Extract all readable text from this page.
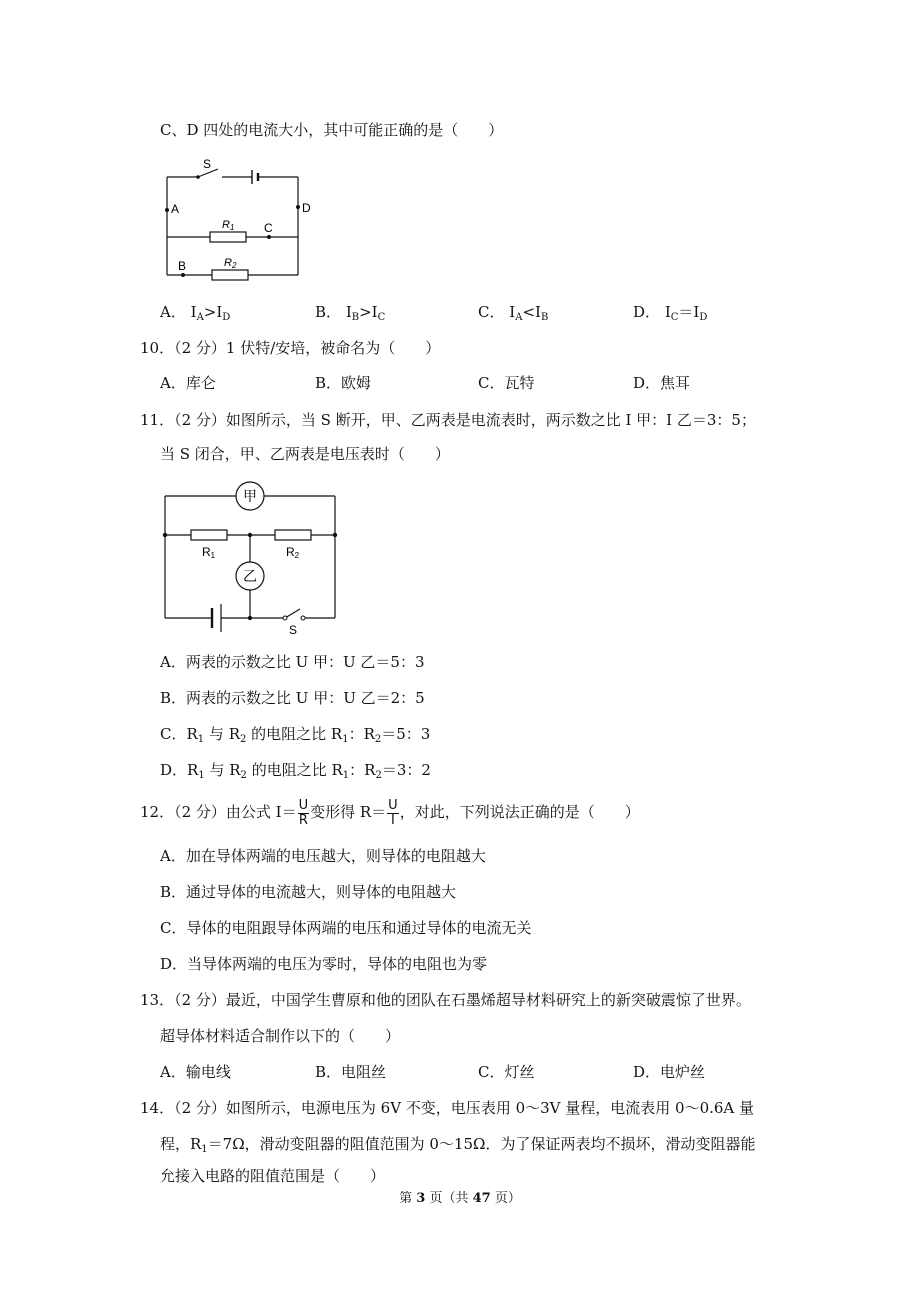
C、D 四处的电流大小，其中可能正确的是（　　）
S
A	D
R1 C
B	R2
A． $I_A>I_D$	B． $I_B>I_C$	C． $I_A<I_B$	D． $I_C=I_D$
10．（2 分）1 伏特/安培，被命名为（　　）
A．库仑	B．欧姆	C．瓦特	D．焦耳
11．（2 分）如图所示，当 S 断开，甲、乙两表是电流表时，两示数之比 I 甲：I 乙＝3：5；
当 S 闭合，甲、乙两表是电压表时（　　）
甲
乙
R1	R2
S
A．两表的示数之比 U 甲：U 乙＝5：3
B．两表的示数之比 U 甲：U 乙＝2：5
C．$R_1$ 与 $R_2$ 的电阻之比 $R_1$：$R_2=5$：3
D．$R_1$ 与 $R_2$ 的电阻之比 $R_1$：$R_2=3$：2
12．（2 分）由公式 $I= \frac{U}{R}$ 变形得 $R= \frac{U}{I}$ ，对此，下列说法正确的是（　　）
A．加在导体两端的电压越大，则导体的电阻越大
B．通过导体的电流越大，则导体的电阻越大
C．导体的电阻跟导体两端的电压和通过导体的电流无关
D．当导体两端的电压为零时，导体的电阻也为零
13．（2 分）最近，中国学生曹原和他的团队在石墨烯超导材料研究上的新突破震惊了世界。
超导体材料适合制作以下的（　　）
A．输电线	B．电阻丝	C．灯丝	D．电炉丝
14．（2 分）如图所示，电源电压为 6V 不变，电压表用 0～3V 量程，电流表用 0～0.6A 量
程，$R_1=7\Omega$，滑动变阻器的阻值范围为 0～15Ω．为了保证两表均不损坏，滑动变阻器能
允接入电路的阻值范围是（　　）
第 3 页（共 47 页）
